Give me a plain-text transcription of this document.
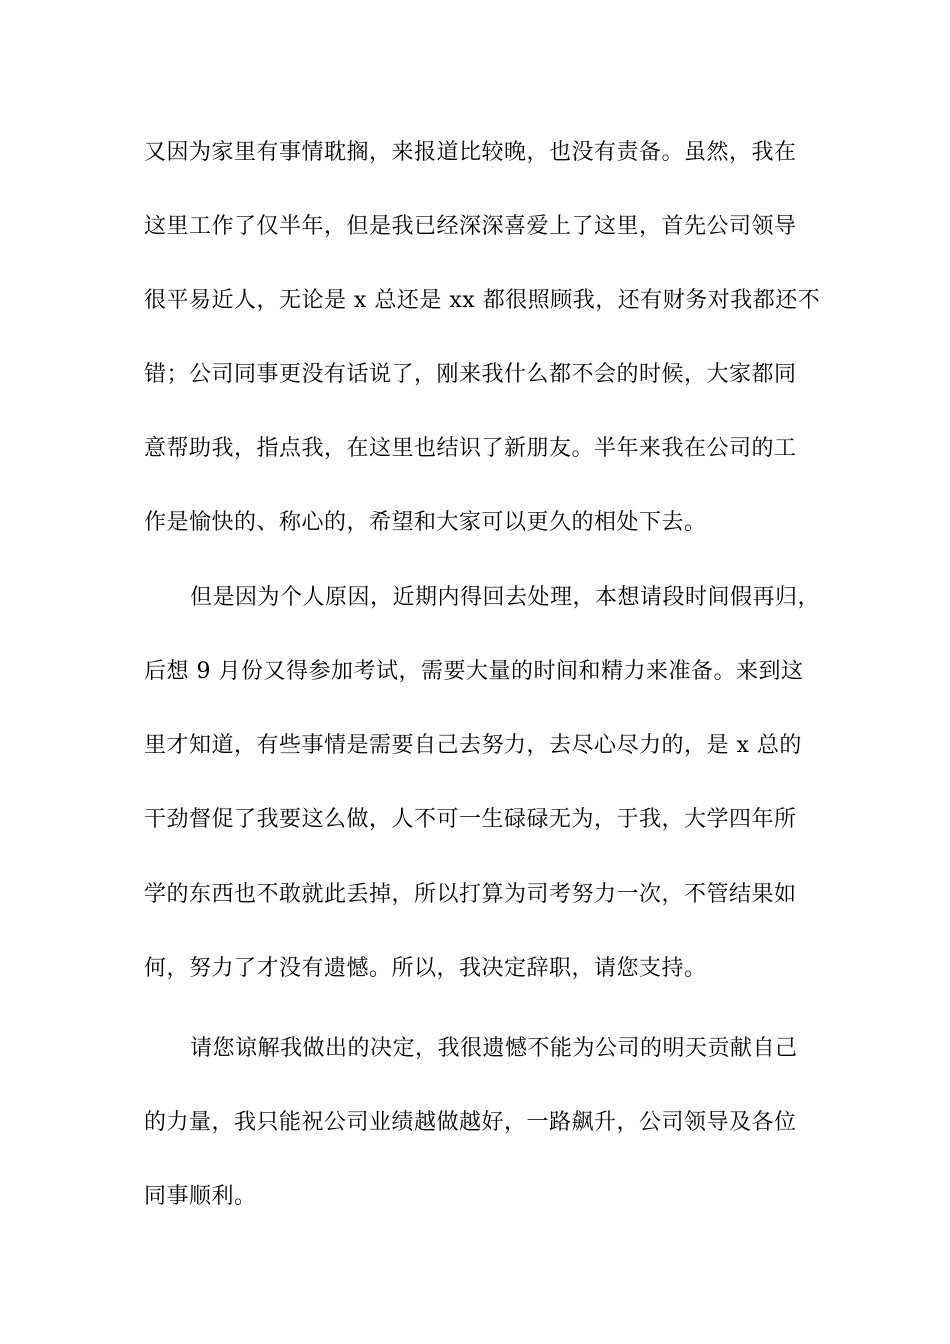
又因为家里有事情耽搁，来报道比较晚，也没有责备。虽然，我在
这里工作了仅半年，但是我已经深深喜爱上了这里，首先公司领导
很平易近人，无论是 x 总还是 xx 都很照顾我，还有财务对我都还不
错；公司同事更没有话说了，刚来我什么都不会的时候，大家都同
意帮助我，指点我，在这里也结识了新朋友。半年来我在公司的工
作是愉快的、称心的，希望和大家可以更久的相处下去。
但是因为个人原因，近期内得回去处理，本想请段时间假再归，
后想 9 月份又得参加考试，需要大量的时间和精力来准备。来到这
里才知道，有些事情是需要自己去努力，去尽心尽力的，是 x 总的
干劲督促了我要这么做，人不可一生碌碌无为，于我，大学四年所
学的东西也不敢就此丢掉，所以打算为司考努力一次，不管结果如
何，努力了才没有遗憾。所以，我决定辞职，请您支持。
请您谅解我做出的决定，我很遗憾不能为公司的明天贡献自己
的力量，我只能祝公司业绩越做越好，一路飙升，公司领导及各位
同事顺利。
